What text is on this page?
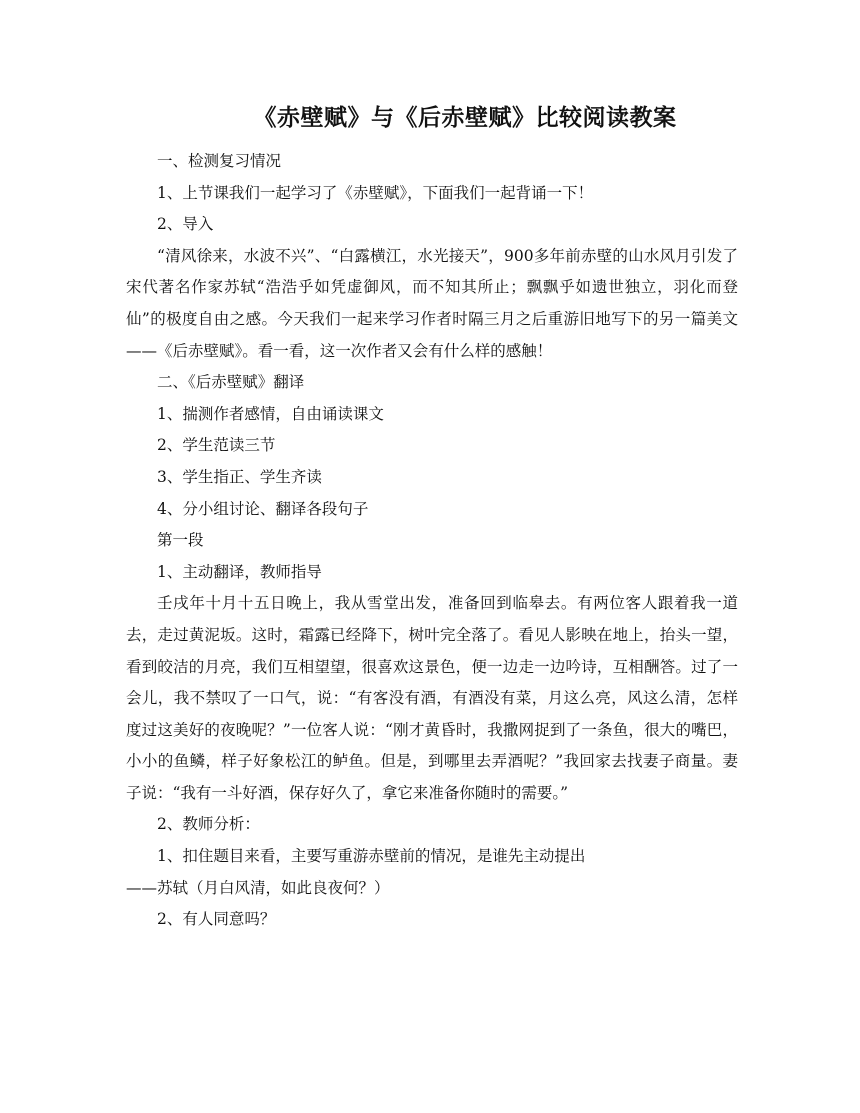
《赤壁赋》与《后赤壁赋》比较阅读教案

一、检测复习情况

1、上节课我们一起学习了《赤壁赋》，下面我们一起背诵一下！

2、导入

“清风徐来，水波不兴”、“白露横江，水光接天”，900多年前赤壁的山水风月引发了宋代著名作家苏轼“浩浩乎如凭虚御风，而不知其所止；飘飘乎如遗世独立，羽化而登仙”的极度自由之感。今天我们一起来学习作者时隔三月之后重游旧地写下的另一篇美文——《后赤壁赋》。看一看，这一次作者又会有什么样的感触！

二、《后赤壁赋》翻译

1、揣测作者感情，自由诵读课文

2、学生范读三节

3、学生指正、学生齐读

4、分小组讨论、翻译各段句子

第一段

1、主动翻译，教师指导

壬戌年十月十五日晚上，我从雪堂出发，准备回到临皋去。有两位客人跟着我一道去，走过黄泥坂。这时，霜露已经降下，树叶完全落了。看见人影映在地上，抬头一望，看到皎洁的月亮，我们互相望望，很喜欢这景色，便一边走一边吟诗，互相酬答。过了一会儿，我不禁叹了一口气，说：“有客没有酒，有酒没有菜，月这么亮，风这么清，怎样度过这美好的夜晚呢？”一位客人说：“刚才黄昏时，我撒网捉到了一条鱼，很大的嘴巴，小小的鱼鳞，样子好象松江的鲈鱼。但是，到哪里去弄酒呢？”我回家去找妻子商量。妻子说：“我有一斗好酒，保存好久了，拿它来准备你随时的需要。”

2、教师分析：

1、扣住题目来看，主要写重游赤壁前的情况，是谁先主动提出

——苏轼（月白风清，如此良夜何？）

2、有人同意吗？
